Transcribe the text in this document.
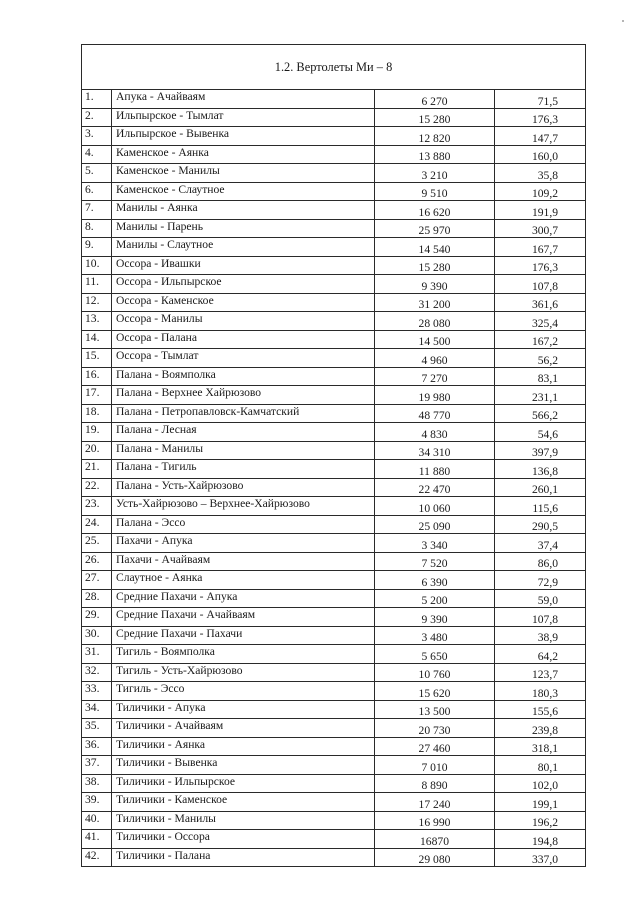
1.2. Вертолеты Ми – 8			
1.	Апука - Ачайваям	6 270	71,5
2.	Ильпырское - Тымлат	15 280	176,3
3.	Ильпырское - Вывенка	12 820	147,7
4.	Каменское - Аянка	13 880	160,0
5.	Каменское - Манилы	3 210	35,8
6.	Каменское - Слаутное	9 510	109,2
7.	Манилы - Аянка	16 620	191,9
8.	Манилы - Парень	25 970	300,7
9.	Манилы - Слаутное	14 540	167,7
10.	Оссора - Ивашки	15 280	176,3
11.	Оссора - Ильпырское	9 390	107,8
12.	Оссора - Каменское	31 200	361,6
13.	Оссора - Манилы	28 080	325,4
14.	Оссора - Палана	14 500	167,2
15.	Оссора - Тымлат	4 960	56,2
16.	Палана - Воямполка	7 270	83,1
17.	Палана - Верхнее Хайрюзово	19 980	231,1
18.	Палана - Петропавловск-Камчатский	48 770	566,2
19.	Палана - Лесная	4 830	54,6
20.	Палана - Манилы	34 310	397,9
21.	Палана - Тигиль	11 880	136,8
22.	Палана - Усть-Хайрюзово	22 470	260,1
23.	Усть-Хайрюзово – Верхнее-Хайрюзово	10 060	115,6
24.	Палана - Эссо	25 090	290,5
25.	Пахачи - Апука	3 340	37,4
26.	Пахачи - Ачайваям	7 520	86,0
27.	Слаутное - Аянка	6 390	72,9
28.	Средние Пахачи - Апука	5 200	59,0
29.	Средние Пахачи - Ачайваям	9 390	107,8
30.	Средние Пахачи - Пахачи	3 480	38,9
31.	Тигиль - Воямполка	5 650	64,2
32.	Тигиль - Усть-Хайрюзово	10 760	123,7
33.	Тигиль - Эссо	15 620	180,3
34.	Тиличики - Апука	13 500	155,6
35.	Тиличики - Ачайваям	20 730	239,8
36.	Тиличики - Аянка	27 460	318,1
37.	Тиличики - Вывенка	7 010	80,1
38.	Тиличики - Ильпырское	8 890	102,0
39.	Тиличики - Каменское	17 240	199,1
40.	Тиличики - Манилы	16 990	196,2
41.	Тиличики - Оссора	16870	194,8
42.	Тиличики - Палана	29 080	337,0
